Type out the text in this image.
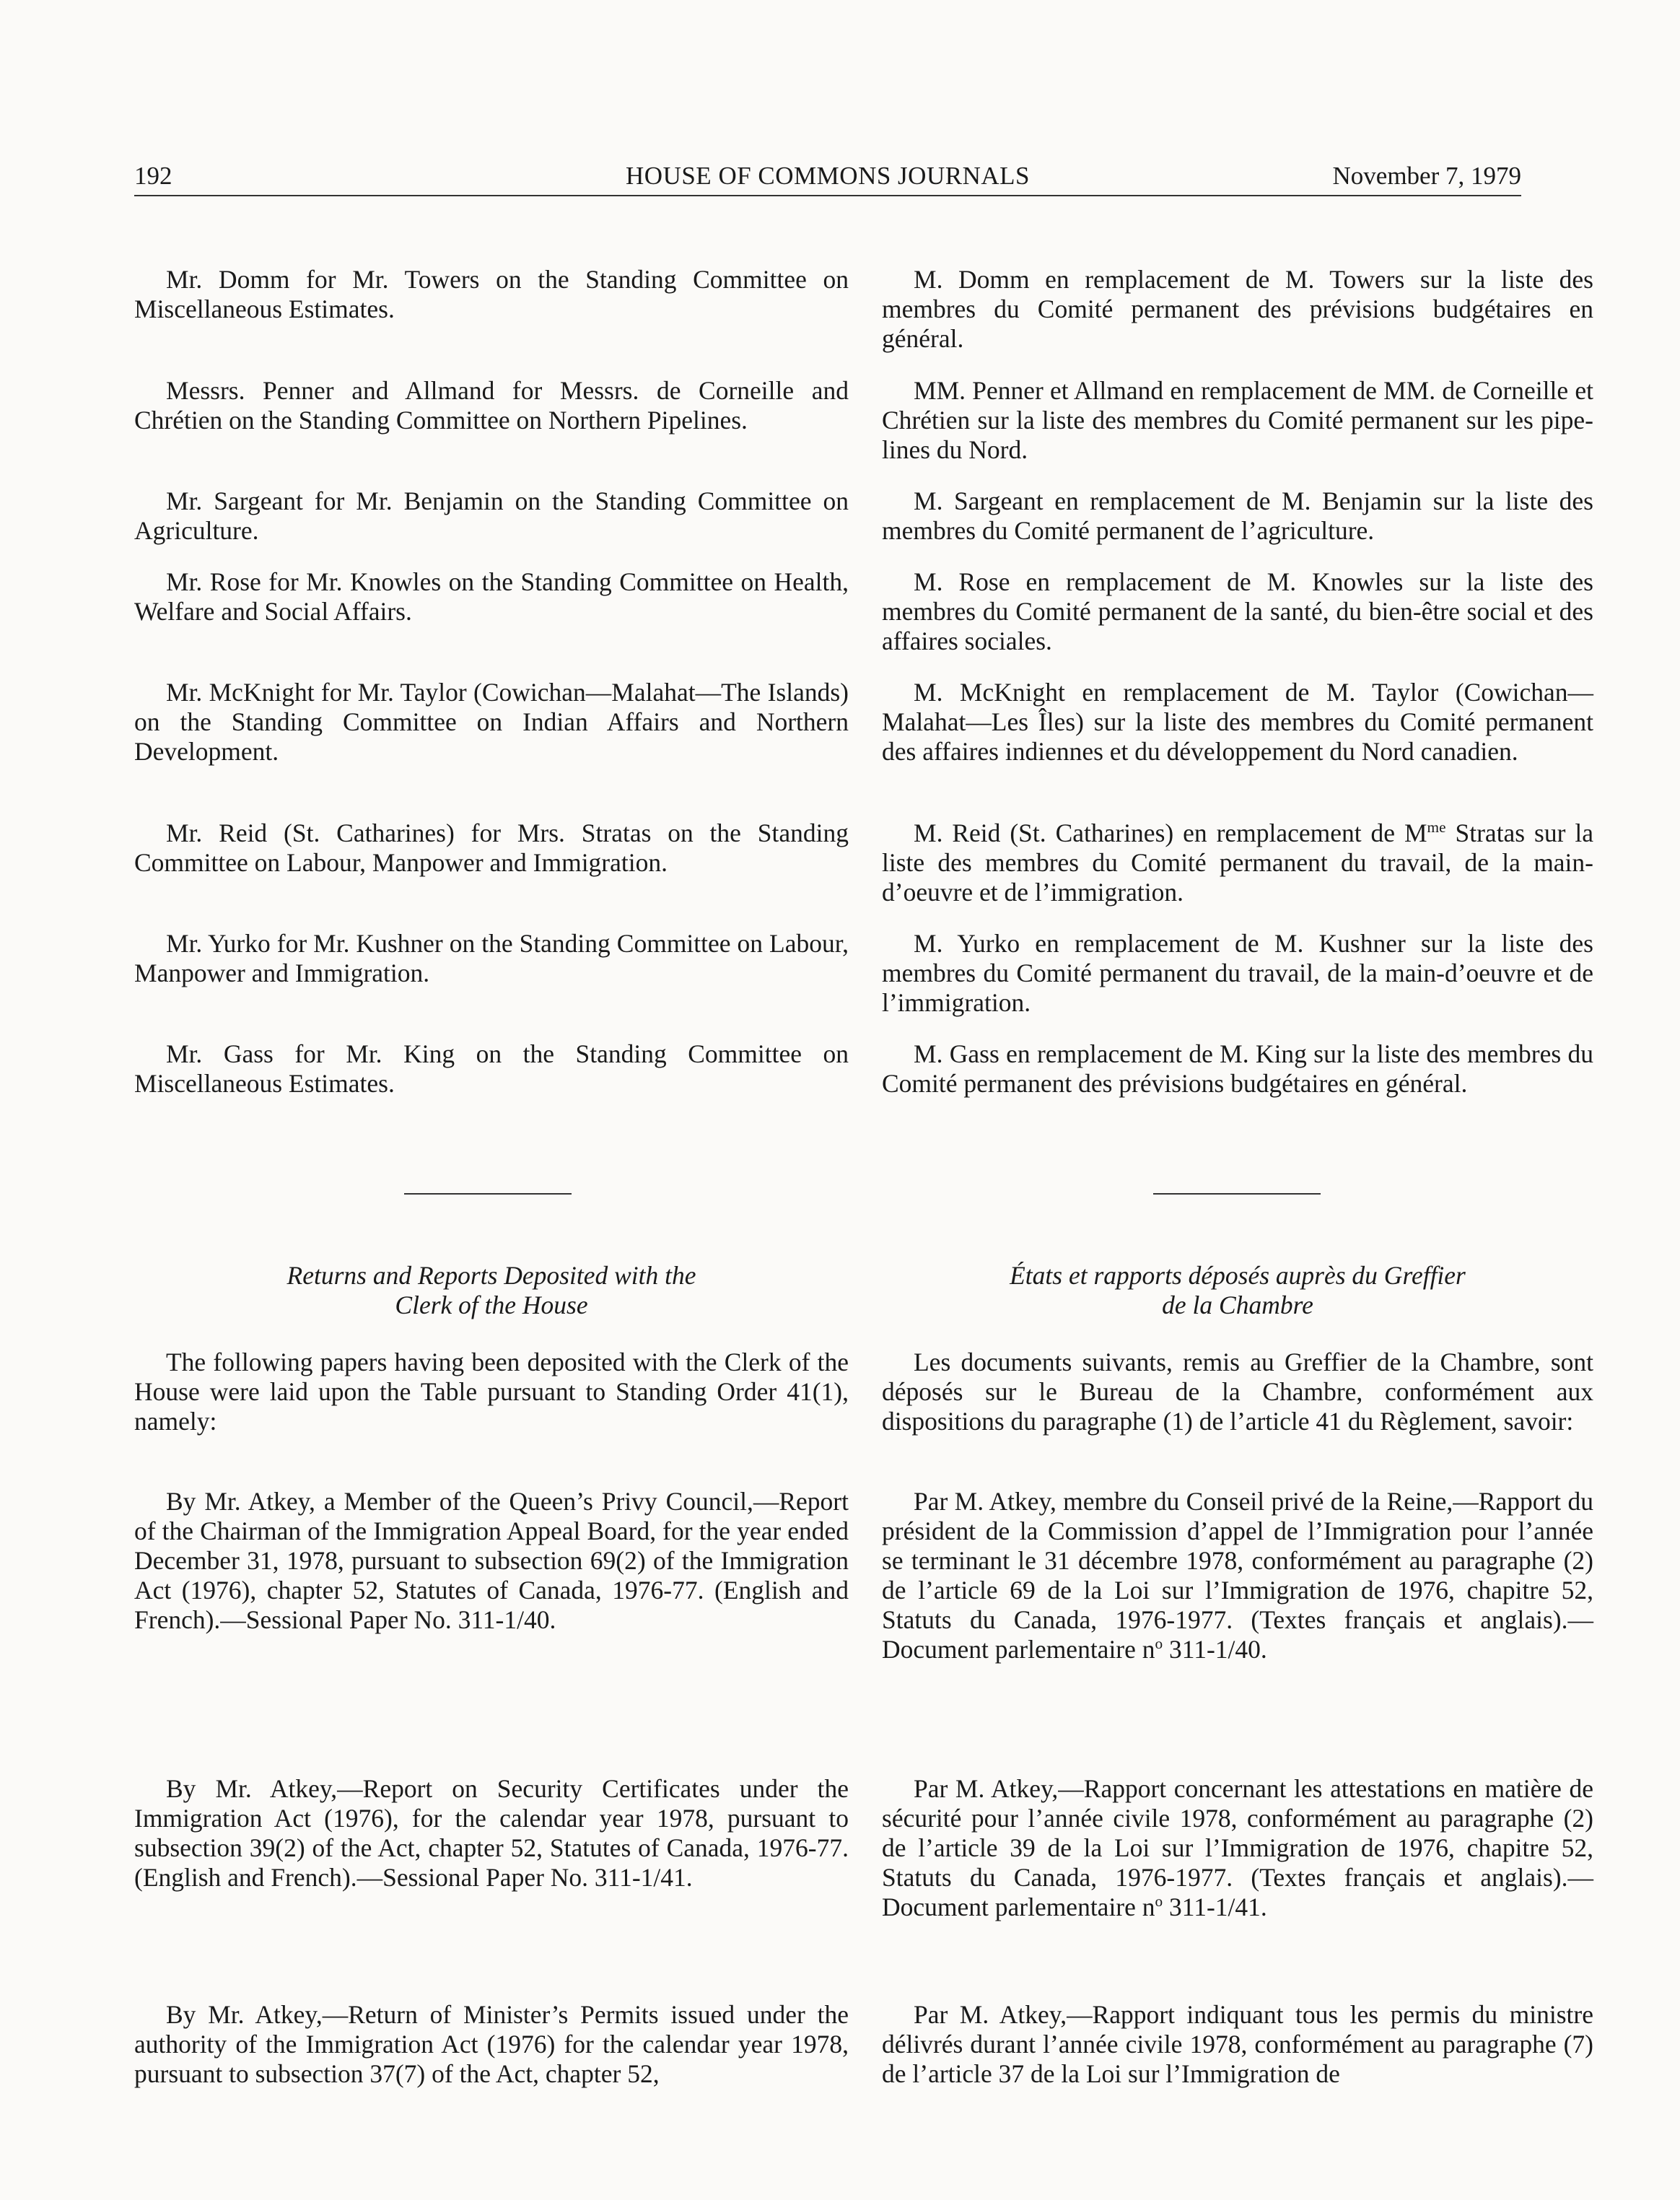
192	HOUSE OF COMMONS JOURNALS	November 7, 1979

Mr. Domm for Mr. Towers on the Standing Committee on Miscellaneous Estimates.

Messrs. Penner and Allmand for Messrs. de Corneille and Chrétien on the Standing Committee on Northern Pipelines.

Mr. Sargeant for Mr. Benjamin on the Standing Committee on Agriculture.

Mr. Rose for Mr. Knowles on the Standing Committee on Health, Welfare and Social Affairs.

Mr. McKnight for Mr. Taylor (Cowichan—Malahat—The Islands) on the Standing Committee on Indian Affairs and Northern Development.

Mr. Reid (St. Catharines) for Mrs. Stratas on the Standing Committee on Labour, Manpower and Immigration.

Mr. Yurko for Mr. Kushner on the Standing Committee on Labour, Manpower and Immigration.

Mr. Gass for Mr. King on the Standing Committee on Miscellaneous Estimates.

Returns and Reports Deposited with the

Clerk of the House

The following papers having been deposited with the Clerk of the House were laid upon the Table pursuant to Standing Order 41(1), namely:

By Mr. Atkey, a Member of the Queen’s Privy Council,—Report of the Chairman of the Immigration Appeal Board, for the year ended December 31, 1978, pursuant to subsection 69(2) of the Immigration Act (1976), chapter 52, Statutes of Canada, 1976-77. (English and French).—Sessional Paper No. 311-1/40.

By Mr. Atkey,—Report on Security Certificates under the Immigration Act (1976), for the calendar year 1978, pursuant to subsection 39(2) of the Act, chapter 52, Statutes of Canada, 1976-77. (English and French).—Sessional Paper No. 311-1/41.

By Mr. Atkey,—Return of Minister’s Permits issued under the authority of the Immigration Act (1976) for the calendar year 1978, pursuant to subsection 37(7) of the Act, chapter 52,

M. Domm en remplacement de M. Towers sur la liste des membres du Comité permanent des prévisions budgétaires en général.

MM. Penner et Allmand en remplacement de MM. de Corneille et Chrétien sur la liste des membres du Comité permanent sur les pipe-lines du Nord.

M. Sargeant en remplacement de M. Benjamin sur la liste des membres du Comité permanent de l’agriculture.

M. Rose en remplacement de M. Knowles sur la liste des membres du Comité permanent de la santé, du bien-être social et des affaires sociales.

M. McKnight en remplacement de M. Taylor (Cowichan—Malahat—Les Îles) sur la liste des membres du Comité permanent des affaires indiennes et du développement du Nord canadien.

M. Reid (St. Catharines) en remplacement de $M^{me}$ Stratas sur la liste des membres du Comité permanent du travail, de la main-d’oeuvre et de l’immigration.

M. Yurko en remplacement de M. Kushner sur la liste des membres du Comité permanent du travail, de la main-d’oeuvre et de l’immigration.

M. Gass en remplacement de M. King sur la liste des membres du Comité permanent des prévisions budgétaires en général.

États et rapports déposés auprès du Greffier

de la Chambre

Les documents suivants, remis au Greffier de la Chambre, sont déposés sur le Bureau de la Chambre, conformément aux dispositions du paragraphe (1) de l’article 41 du Règlement, savoir:

Par M. Atkey, membre du Conseil privé de la Reine,—Rapport du président de la Commission d’appel de l’Immigration pour l’année se terminant le 31 décembre 1978, conformément au paragraphe (2) de l’article 69 de la Loi sur l’Immigration de 1976, chapitre 52, Statuts du Canada, 1976-1977. (Textes français et anglais).—Document parlementaire $n^o$ 311-1/40.

Par M. Atkey,—Rapport concernant les attestations en matière de sécurité pour l’année civile 1978, conformément au paragraphe (2) de l’article 39 de la Loi sur l’Immigration de 1976, chapitre 52, Statuts du Canada, 1976-1977. (Textes français et anglais).—Document parlementaire $n^o$ 311-1/41.

Par M. Atkey,—Rapport indiquant tous les permis du ministre délivrés durant l’année civile 1978, conformément au paragraphe (7) de l’article 37 de la Loi sur l’Immigration de
